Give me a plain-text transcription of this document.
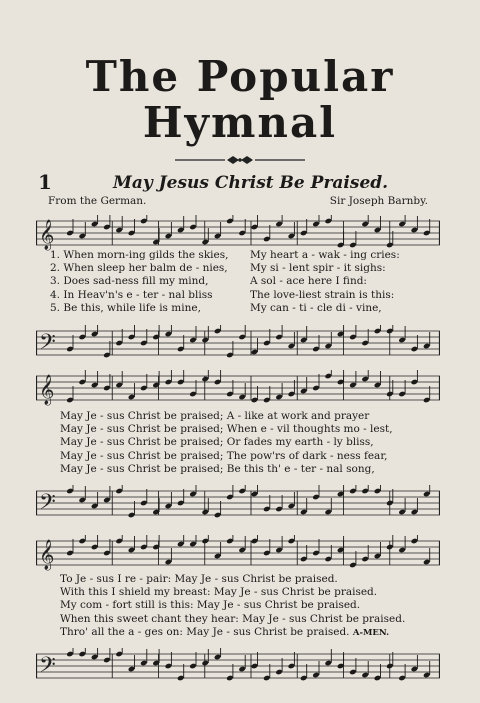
The Popular
Hymnal
1	May Jesus Christ Be Praised.
From the German.	Sir Joseph Barnby.
𝄞
1. When morn-ing gilds the skies,
2. When sleep her balm de - nies,
3. Does sad-ness fill my mind,
4. In Heav'n's e - ter - nal bliss
5. Be this, while life is mine,
My heart a - wak - ing cries:
My si - lent spir - it sighs:
A sol - ace here I find:
The love-liest strain is this:
My can - ti - cle di - vine,
𝄢
𝄞
May Je - sus Christ be praised; A - like at work and prayer
May Je - sus Christ be praised; When e - vil thoughts mo - lest,
May Je - sus Christ be praised; Or fades my earth - ly bliss,
May Je - sus Christ be praised; The pow'rs of dark - ness fear,
May Je - sus Christ be praised; Be this th' e - ter - nal song,
𝄢
𝄞
To Je - sus I re - pair: May Je - sus Christ be praised.
With this I shield my breast: May Je - sus Christ be praised.
My com - fort still is this: May Je - sus Christ be praised.
When this sweet chant they hear: May Je - sus Christ be praised.
Thro' all the a - ges on: May Je - sus Christ be praised. A-MEN.
𝄢
